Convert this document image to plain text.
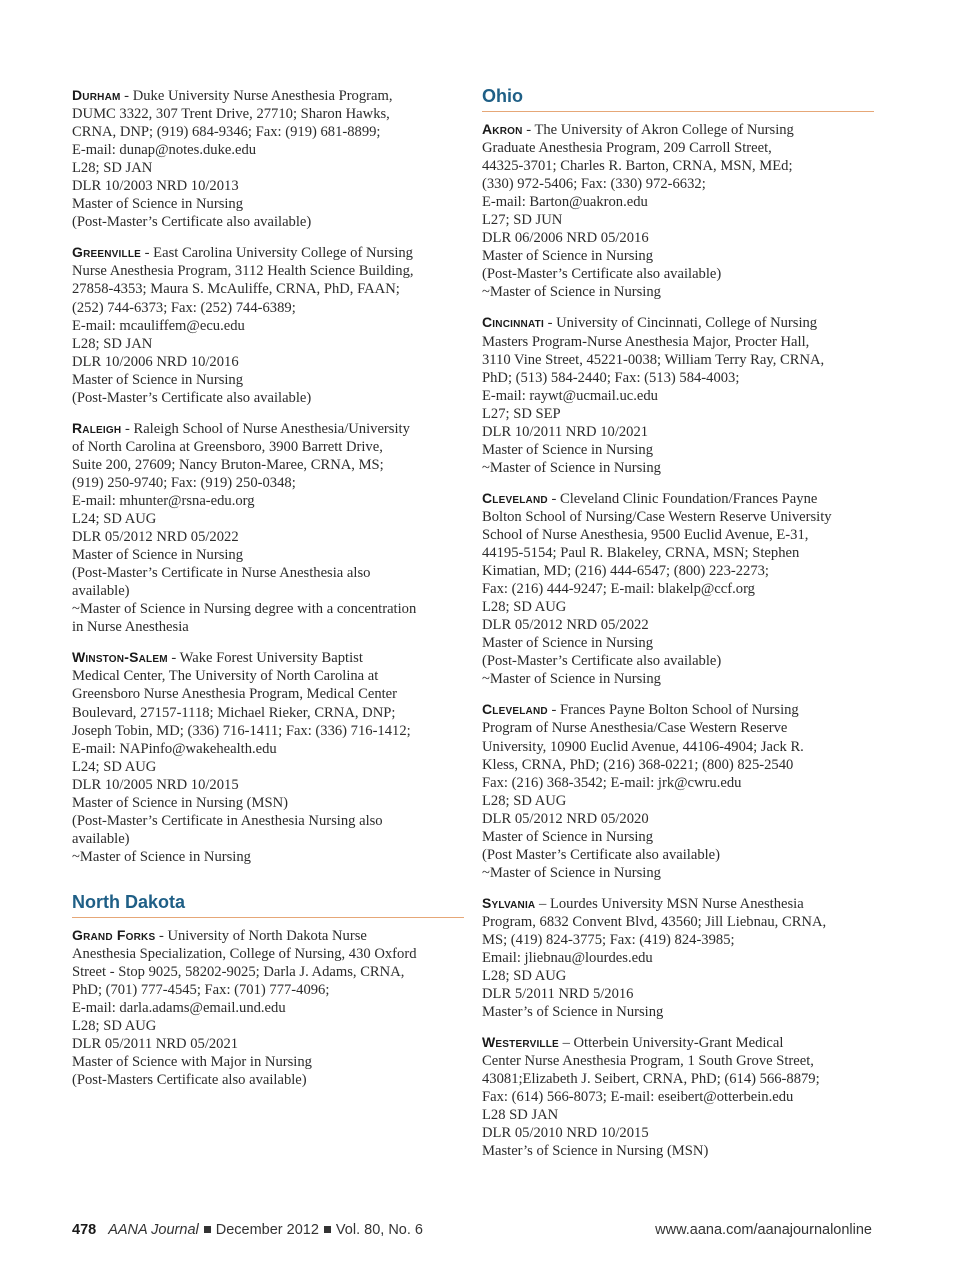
Durham - Duke University Nurse Anesthesia Program,
DUMC 3322, 307 Trent Drive, 27710; Sharon Hawks,
CRNA, DNP; (919) 684-9346; Fax: (919) 681-8899;
E-mail: dunap@notes.duke.edu
L28; SD JAN
DLR 10/2003 NRD 10/2013
Master of Science in Nursing
(Post-Master’s Certificate also available)
Greenville - East Carolina University College of Nursing
Nurse Anesthesia Program, 3112 Health Science Building,
27858-4353; Maura S. McAuliffe, CRNA, PhD, FAAN;
(252) 744-6373; Fax: (252) 744-6389;
E-mail: mcauliffem@ecu.edu
L28; SD JAN
DLR 10/2006 NRD 10/2016
Master of Science in Nursing
(Post-Master’s Certificate also available)
Raleigh - Raleigh School of Nurse Anesthesia/University
of North Carolina at Greensboro, 3900 Barrett Drive,
Suite 200, 27609; Nancy Bruton-Maree, CRNA, MS;
(919) 250-9740; Fax: (919) 250-0348;
E-mail: mhunter@rsna-edu.org
L24; SD AUG
DLR 05/2012 NRD 05/2022
Master of Science in Nursing
(Post-Master’s Certificate in Nurse Anesthesia also
available)
~Master of Science in Nursing degree with a concentration
in Nurse Anesthesia
Winston-Salem - Wake Forest University Baptist
Medical Center, The University of North Carolina at
Greensboro Nurse Anesthesia Program, Medical Center
Boulevard, 27157-1118; Michael Rieker, CRNA, DNP;
Joseph Tobin, MD; (336) 716-1411; Fax: (336) 716-1412;
E-mail: NAPinfo@wakehealth.edu
L24; SD AUG
DLR 10/2005 NRD 10/2015
Master of Science in Nursing (MSN)
(Post-Master’s Certificate in Anesthesia Nursing also
available)
~Master of Science in Nursing
North Dakota
Grand Forks - University of North Dakota Nurse
Anesthesia Specialization, College of Nursing, 430 Oxford
Street - Stop 9025, 58202-9025; Darla J. Adams, CRNA,
PhD; (701) 777-4545; Fax: (701) 777-4096;
E-mail: darla.adams@email.und.edu
L28; SD AUG
DLR 05/2011 NRD 05/2021
Master of Science with Major in Nursing
(Post-Masters Certificate also available)
Ohio
Akron - The University of Akron College of Nursing
Graduate Anesthesia Program, 209 Carroll Street,
44325-3701; Charles R. Barton, CRNA, MSN, MEd;
(330) 972-5406; Fax: (330) 972-6632;
E-mail: Barton@uakron.edu
L27; SD JUN
DLR 06/2006 NRD 05/2016
Master of Science in Nursing
(Post-Master’s Certificate also available)
~Master of Science in Nursing
Cincinnati - University of Cincinnati, College of Nursing
Masters Program-Nurse Anesthesia Major, Procter Hall,
3110 Vine Street, 45221-0038; William Terry Ray, CRNA,
PhD; (513) 584-2440; Fax: (513) 584-4003;
E-mail: raywt@ucmail.uc.edu
L27; SD SEP
DLR 10/2011 NRD 10/2021
Master of Science in Nursing
~Master of Science in Nursing
Cleveland - Cleveland Clinic Foundation/Frances Payne
Bolton School of Nursing/Case Western Reserve University
School of Nurse Anesthesia, 9500 Euclid Avenue, E-31,
44195-5154; Paul R. Blakeley, CRNA, MSN; Stephen
Kimatian, MD; (216) 444-6547; (800) 223-2273;
Fax: (216) 444-9247; E-mail: blakelp@ccf.org
L28; SD AUG
DLR 05/2012 NRD 05/2022
Master of Science in Nursing
(Post-Master’s Certificate also available)
~Master of Science in Nursing
Cleveland - Frances Payne Bolton School of Nursing
Program of Nurse Anesthesia/Case Western Reserve
University, 10900 Euclid Avenue, 44106-4904; Jack R.
Kless, CRNA, PhD; (216) 368-0221; (800) 825-2540
Fax: (216) 368-3542; E-mail: jrk@cwru.edu
L28; SD AUG
DLR 05/2012 NRD 05/2020
Master of Science in Nursing
(Post Master’s Certificate also available)
~Master of Science in Nursing
Sylvania – Lourdes University MSN Nurse Anesthesia
Program, 6832 Convent Blvd, 43560; Jill Liebnau, CRNA,
MS; (419) 824-3775; Fax: (419) 824-3985;
Email: jliebnau@lourdes.edu
L28; SD AUG
DLR 5/2011 NRD 5/2016
Master’s of Science in Nursing
Westerville – Otterbein University-Grant Medical
Center Nurse Anesthesia Program, 1 South Grove Street,
43081;Elizabeth J. Seibert, CRNA, PhD; (614) 566-8879;
Fax: (614) 566-8073; E-mail: eseibert@otterbein.edu
L28 SD JAN
DLR 05/2010 NRD 10/2015
Master’s of Science in Nursing (MSN)
478 AANA Journal December 2012 Vol. 80, No. 6	www.aana.com/aanajournalonline
